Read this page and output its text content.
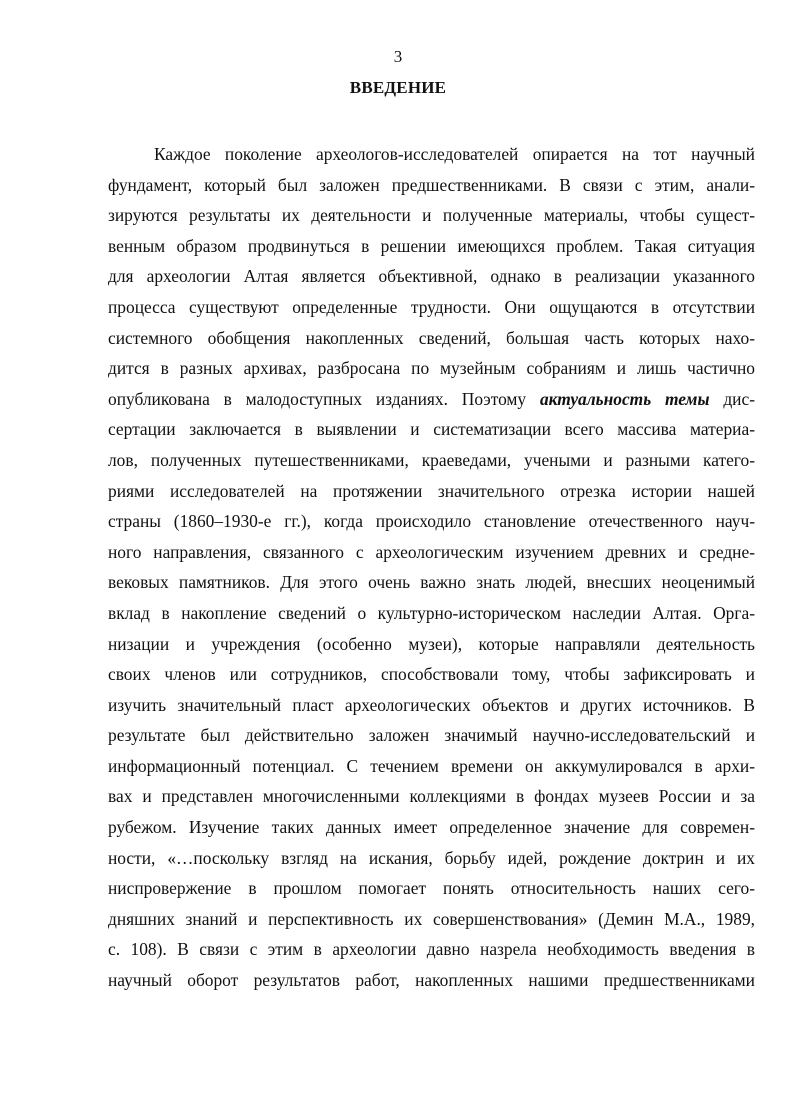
3
ВВЕДЕНИЕ
Каждое поколение археологов-исследователей опирается на тот научный
фундамент, который был заложен предшественниками. В связи с этим, анали-
зируются результаты их деятельности и полученные материалы, чтобы сущест-
венным образом продвинуться в решении имеющихся проблем. Такая ситуация
для археологии Алтая является объективной, однако в реализации указанного
процесса существуют определенные трудности. Они ощущаются в отсутствии
системного обобщения накопленных сведений, большая часть которых нахо-
дится в разных архивах, разбросана по музейным собраниям и лишь частично
опубликована в малодоступных изданиях. Поэтому актуальность темы дис-
сертации заключается в выявлении и систематизации всего массива материа-
лов, полученных путешественниками, краеведами, учеными и разными катего-
риями исследователей на протяжении значительного отрезка истории нашей
страны (1860–1930-е гг.), когда происходило становление отечественного науч-
ного направления, связанного с археологическим изучением древних и средне-
вековых памятников. Для этого очень важно знать людей, внесших неоценимый
вклад в накопление сведений о культурно-историческом наследии Алтая. Орга-
низации и учреждения (особенно музеи), которые направляли деятельность
своих членов или сотрудников, способствовали тому, чтобы зафиксировать и
изучить значительный пласт археологических объектов и других источников. В
результате был действительно заложен значимый научно-исследовательский и
информационный потенциал. С течением времени он аккумулировался в архи-
вах и представлен многочисленными коллекциями в фондах музеев России и за
рубежом. Изучение таких данных имеет определенное значение для современ-
ности, «…поскольку взгляд на искания, борьбу идей, рождение доктрин и их
ниспровержение в прошлом помогает понять относительность наших сего-
дняшних знаний и перспективность их совершенствования» (Демин М.А., 1989,
с. 108). В связи с этим в археологии давно назрела необходимость введения в
научный оборот результатов работ, накопленных нашими предшественниками
